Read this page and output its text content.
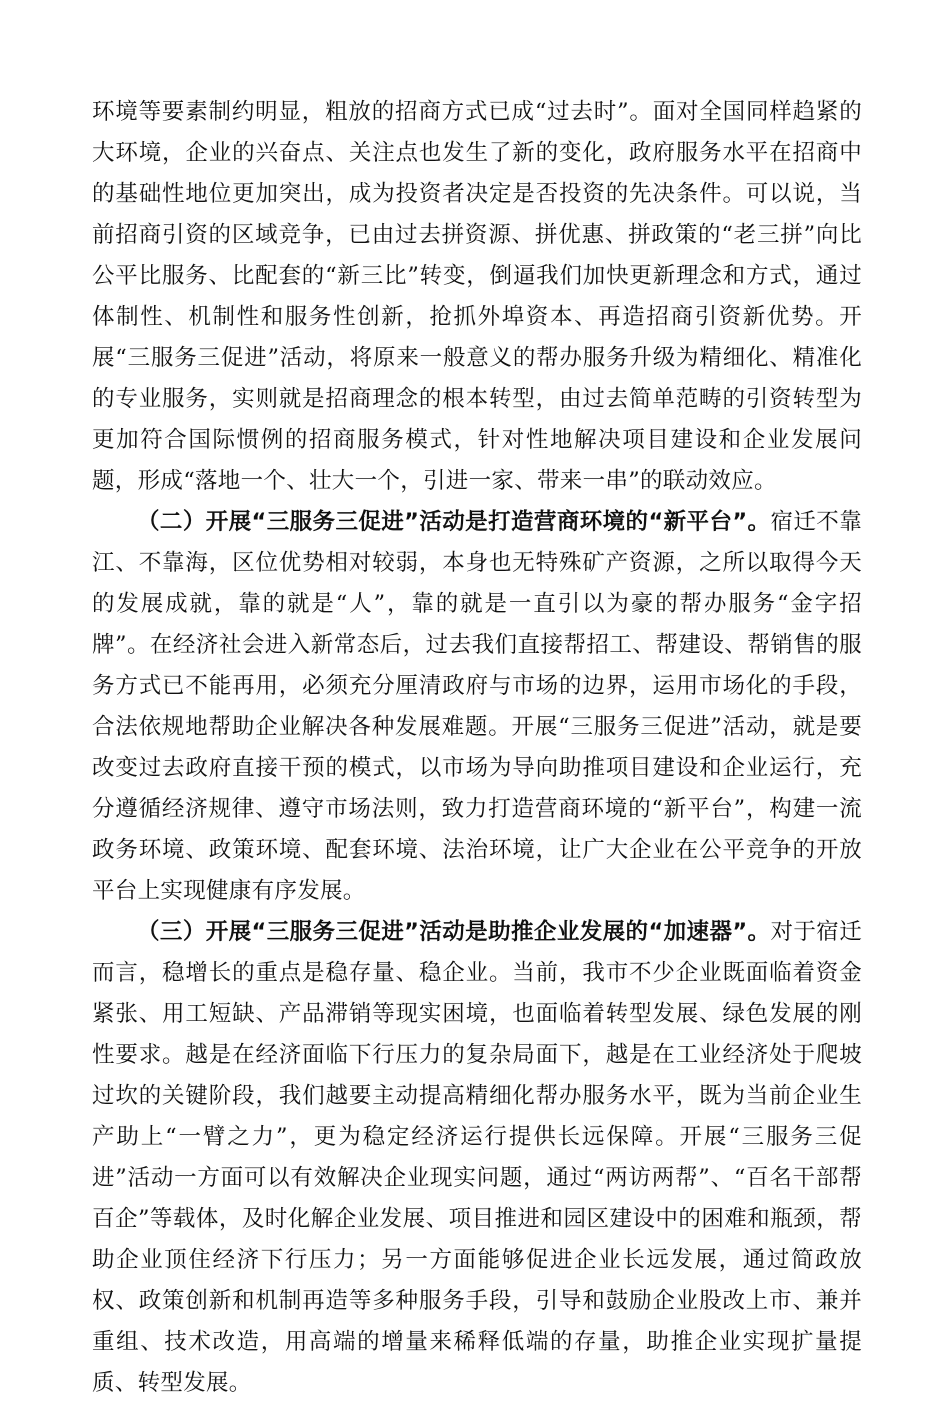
环境等要素制约明显，粗放的招商方式已成“过去时”。面对全国同样趋紧的大环境，企业的兴奋点、关注点也发生了新的变化，政府服务水平在招商中的基础性地位更加突出，成为投资者决定是否投资的先决条件。可以说，当前招商引资的区域竞争，已由过去拼资源、拼优惠、拼政策的“老三拼”向比公平比服务、比配套的“新三比”转变，倒逼我们加快更新理念和方式，通过体制性、机制性和服务性创新，抢抓外埠资本、再造招商引资新优势。开展“三服务三促进”活动，将原来一般意义的帮办服务升级为精细化、精准化的专业服务，实则就是招商理念的根本转型，由过去简单范畴的引资转型为更加符合国际惯例的招商服务模式，针对性地解决项目建设和企业发展问题，形成“落地一个、壮大一个，引进一家、带来一串”的联动效应。

（二）开展“三服务三促进”活动是打造营商环境的“新平台”。宿迁不靠江、不靠海，区位优势相对较弱，本身也无特殊矿产资源，之所以取得今天的发展成就，靠的就是“人”，靠的就是一直引以为豪的帮办服务“金字招牌”。在经济社会进入新常态后，过去我们直接帮招工、帮建设、帮销售的服务方式已不能再用，必须充分厘清政府与市场的边界，运用市场化的手段，合法依规地帮助企业解决各种发展难题。开展“三服务三促进”活动，就是要改变过去政府直接干预的模式，以市场为导向助推项目建设和企业运行，充分遵循经济规律、遵守市场法则，致力打造营商环境的“新平台”，构建一流政务环境、政策环境、配套环境、法治环境，让广大企业在公平竞争的开放平台上实现健康有序发展。

（三）开展“三服务三促进”活动是助推企业发展的“加速器”。对于宿迁而言，稳增长的重点是稳存量、稳企业。当前，我市不少企业既面临着资金紧张、用工短缺、产品滞销等现实困境，也面临着转型发展、绿色发展的刚性要求。越是在经济面临下行压力的复杂局面下，越是在工业经济处于爬坡过坎的关键阶段，我们越要主动提高精细化帮办服务水平，既为当前企业生产助上“一臂之力”，更为稳定经济运行提供长远保障。开展“三服务三促进”活动一方面可以有效解决企业现实问题，通过“两访两帮”、“百名干部帮百企”等载体，及时化解企业发展、项目推进和园区建设中的困难和瓶颈，帮助企业顶住经济下行压力；另一方面能够促进企业长远发展，通过简政放权、政策创新和机制再造等多种服务手段，引导和鼓励企业股改上市、兼并重组、技术改造，用高端的增量来稀释低端的存量，助推企业实现扩量提质、转型发展。
